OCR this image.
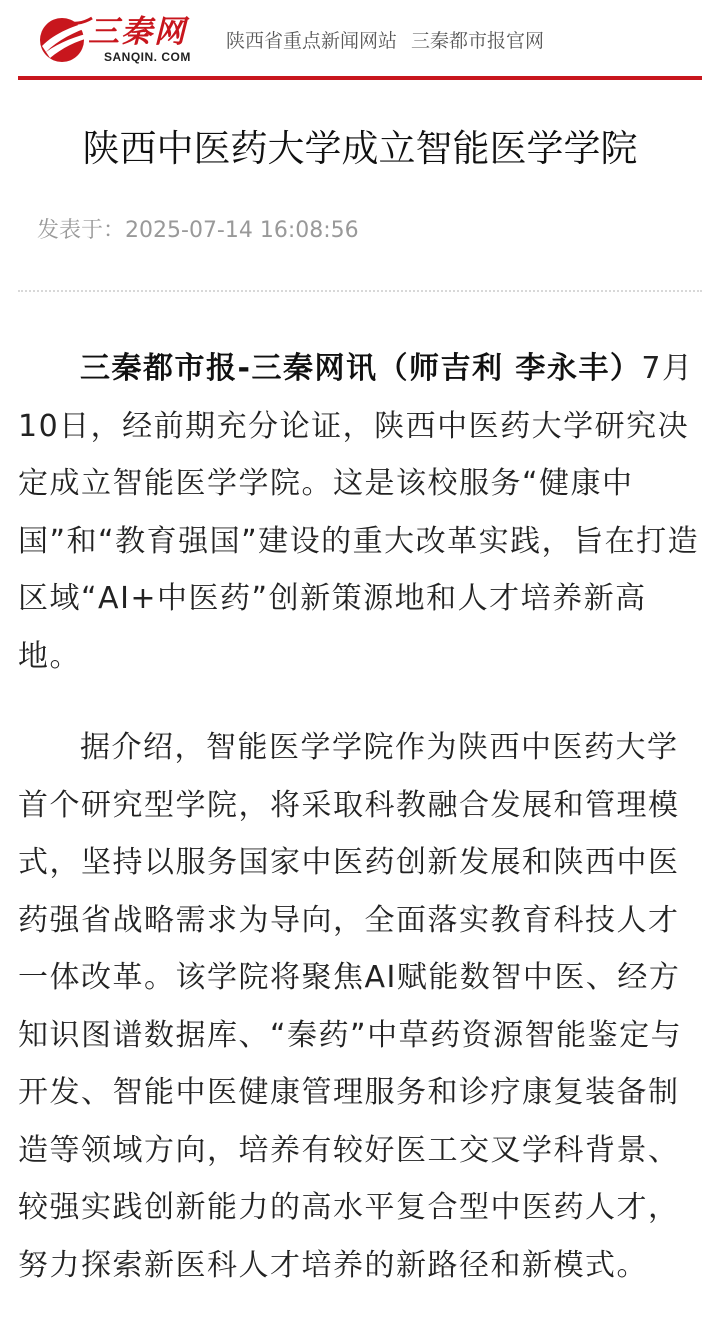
三秦网
SANQIN. COM
陕西省重点新闻网站 三秦都市报官网
陕西中医药大学成立智能医学学院
发表于：2025-07-14 16:08:56

三秦都市报-三秦网讯（师吉利 李永丰）7月10日，经前期充分论证，陕西中医药大学研究决定成立智能医学学院。这是该校服务“健康中国”和“教育强国”建设的重大改革实践，旨在打造区域“AI+中医药”创新策源地和人才培养新高地。

据介绍，智能医学学院作为陕西中医药大学首个研究型学院，将采取科教融合发展和管理模式，坚持以服务国家中医药创新发展和陕西中医药强省战略需求为导向，全面落实教育科技人才一体改革。该学院将聚焦AI赋能数智中医、经方知识图谱数据库、“秦药”中草药资源智能鉴定与开发、智能中医健康管理服务和诊疗康复装备制造等领域方向，培养有较好医工交叉学科背景、较强实践创新能力的高水平复合型中医药人才，努力探索新医科人才培养的新路径和新模式。
